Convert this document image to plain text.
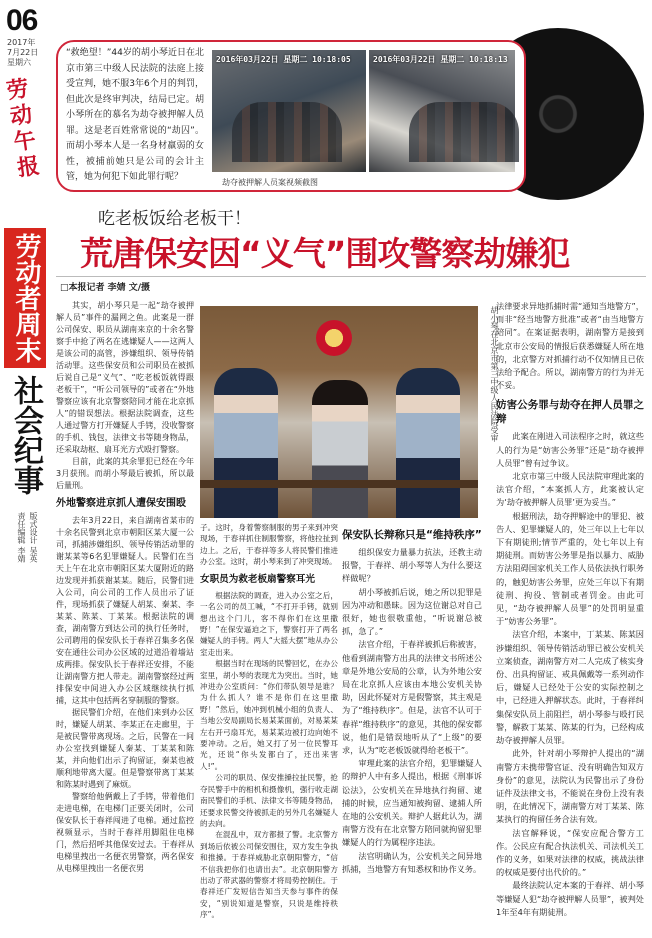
06
2017年
7月22日
星期六
劳动午报
劳动者周末
社会纪事
版式设计 吴英
责任编辑 李婧
“救绝望！”44岁的胡小琴近日在北京市第三中级人民法院的法庭上接受宣判，她不服3年6个月的判罚，但此次是终审判决，结局已定。胡小琴所在的慕名为劫夺被押解人员罪。这是老百姓常常说的“劫囚”。而胡小琴本人是一名身材羸弱的女性，被捕前她只是公司的会计主管，她为何犯下如此罪行呢？
2016年03月22日 星期二 10:18:05	2016年03月22日 星期二 10:18:13
劫夺被押解人员案视频截图
吃老板饭给老板干！
荒唐保安因“义气”围攻警察劫嫌犯
□本报记者 李婧 文/摄

其实，胡小琴只是一起“劫夺被押解人员”事件的漏网之鱼。此案是一群公司保安、职员从湖南来京的十余名警察手中抢了两名在逃嫌疑人——这两人是该公司的高管，涉嫌组织、领导传销活动罪。这些保安员和公司职员在被抓后说自己是“义气”、“吃老板饭就得跟老板干”，“听公司领导的”或者在“外地警察应该有北京警察陪同才能在北京抓人”的错误想法。根据法院调查，这些人通过警方打开嫌疑人手铐，没收警察的手机、钱包，法律文书等随身物品，还采取劫枢、扇耳光方式殴打警察。

目前，此案的其余罪犯已经在今年3月获刑。而胡小琴最后被抓，所以最后量刑。

外地警察进京抓人遭保安围殴

去年3月22日，来自湖南省某市的十余名民警到北京市朝阳区某大厦一公司，抓捕涉嫌组织、领导传销活动罪的谢某某等6名犯罪嫌疑人。民警们在当天上午在北京市朝阳区某大厦附近的路边发现并抓获谢某某。随后，民警们进入公司，向公司的工作人员出示了证件，现场抓获了嫌疑人胡某、秦某、李某某、陈某、丁某某。根据法院的调查，湖南警方到达公司的执行任务时，公司聘用的保安队长于春祥召集多名保安在通往公司办公区域的过道沿着墙站成两排。保安队长于春祥还安排，不能让湖南警方把人带走。湖南警察经过两排保安中间进入办公区域继续执行抓捕，这其中包括两名穿制服的警察。

据民警们介绍，在他们来到办公区时，嫌疑人胡某、李某正在走廊里，于是被民警带离现场。之后，民警在一间办公室找到嫌疑人秦某、丁某某和陈某，并向他们出示了拘留证，秦某也被顺利地带离大厦。但是警察带离丁某某和陈某时遇到了麻烦。

警察给他俩戴上了手铐，带着他们走进电梯，在电梯门正要关闭时，公司保安队长于春祥闯进了电梯。通过监控视频显示，当时于春祥用脚阻住电梯门，然后招呼其他保安过去。于春祥从电梯里拽出一名便衣男警察，两名保安从电梯里拽出一名便衣男

胡小琴在北京市第三中级人民法院受审

子。这时，身着警察制服的男子来到冲突现场，于春祥抓住制服警察，将他拉扯到边上。之后，于春祥等多人将民警们推进办公室。这时，胡小琴来到了冲突现场。

女职员为救老板扇警察耳光

根据法院的调查，进入办公室之后，一名公司的员工喊，“不打开手铐，就别想出这个门儿，客不得你们在这里撒野！”在保安逼迫之下，警察打开了两名嫌疑人的手铐。两人“大摇大摆”地从办公室走出来。

根据当时在现场的民警回忆，在办公室里，胡小琴的表现尤为突出。当时，她冲进办公室质问：“你们带队领导是谁？为什么抓人？谁不是你们在这里撒野！”然后，她冲到机械小组的负责人、当地公安局副局长易某某面前，对易某某左右开弓扇耳光，易某某边被打边向她不要冲动。之后，她又打了另一位民警耳光，还说“你头发都白了，还出来害人!”。

公司的职员、保安推搡拉扯民警，抢夺民警手中的相机和摄像机，强行收走湖南民警们的手机、法律文书等随身物品，还要求民警交待被抓走的另外几名嫌疑人的去向。

在混乱中，双方都报了警。北京警方到场后依被公司保安围住，双方发生争执和推搡。于春祥威胁北京朝阳警方，“信不信我把你们也请出去”。北京朝阳警方出动了带武器的警察才将局势控制住。于春祥还广发短信告知当天参与事件的保安，“别说知道是警察，只说是维持秩序”。

保安队长辩称只是“维持秩序”

组织保安力量暴力抗法，还教主动报警，于春祥、胡小琴等人为什么要这样做呢？

胡小琴被抓后说，她之所以犯罪是因为冲动和愚昧。因为这位谢总对自己很好，她也很敬重他，“听说谢总被抓，急了。”

法官介绍，于春祥被抓后称被害，他看到湖南警方出具的法律文书所述公章是外地公安局的公章，认为外地公安局在北京抓人应该由本地公安机关协助，因此怀疑对方是假警察，其主观是为了“维持秩序”。但是，法官不认可于春祥“维持秩序”的意见，其他的保安都说，他们是错误地听从了“上级”的要求，认为“吃老板饭就得给老板干”。

审理此案的法官介绍，犯罪嫌疑人的辩护人中有多人提出，根据《刑事诉讼法》，公安机关在异地执行拘留、逮捕的时候，应当通知被拘留、逮捕人所在地的公安机关。辩护人据此认为，湖南警方没有在北京警方陪同就拘留犯罪嫌疑人的行为属程序违法。

法官明确认为，公安机关之间异地抓捕，当地警方有知悉权和协作义务。

法律要求异地抓捕时需“通知当地警方”，而非“经当地警方批准”或者“由当地警方陪同”。在案证据表明，湖南警方是接到北京市公安局的情报后获悉嫌疑人所在地的，北京警方对抓捕行动不仅知情且已依法给予配合。所以，湖南警方的行为并无不妥。

妨害公务罪与劫夺在押人员罪之辩

此案在刚进入司法程序之时，就这些人的行为是“妨害公务罪”还是“劫夺被押人员罪”曾有过争议。

北京市第三中级人民法院审理此案的法官介绍，“本案抓人方，此案被认定为‘劫夺被押解人员罪’更为妥当。”

根据刑法，劫夺押解途中的罪犯、被告人、犯罪嫌疑人的，处三年以上七年以下有期徒刑;情节严重的，处七年以上有期徒刑。而妨害公务罪是指以暴力、威胁方法阻碍国家机关工作人员依法执行职务的，触犯妨害公务罪，应处三年以下有期徒刑、拘役、管制或者罚金。由此可见，“劫夺被押解人员罪”的处罚明显重于“妨害公务罪”。

法官介绍，本案中，丁某某、陈某因涉嫌组织、领导传销活动罪已被公安机关立案侦查，湖南警方对二人完成了核实身份、出具拘留证、戒具佩戴等一系列动作后，嫌疑人已经处于公安的实际控制之中，已经进入押解状态。此时，于春祥纠集保安队员上前阻拦，胡小琴参与殴打民警，解救丁某某、陈某的行为，已经构成劫夺被押解人员罪。

此外，针对胡小琴辩护人提出的“湖南警方未携带警官证、没有明确告知双方身份”的意见，法院认为民警出示了身份证件及法律文书，不能说在身份上没有表明，在此情况下，湖南警方对丁某某、陈某执行的拘留任务合法有效。

法官解释说，“保安应配合警方工作。公民应有配合执法机关、司法机关工作的义务，如果对法律的权威，挑战法律的权威是要付出代价的。”

最终法院认定本案的于春祥、胡小琴等嫌疑人犯“劫夺被押解人员罪”，被判处1年至4年有期徒刑。
